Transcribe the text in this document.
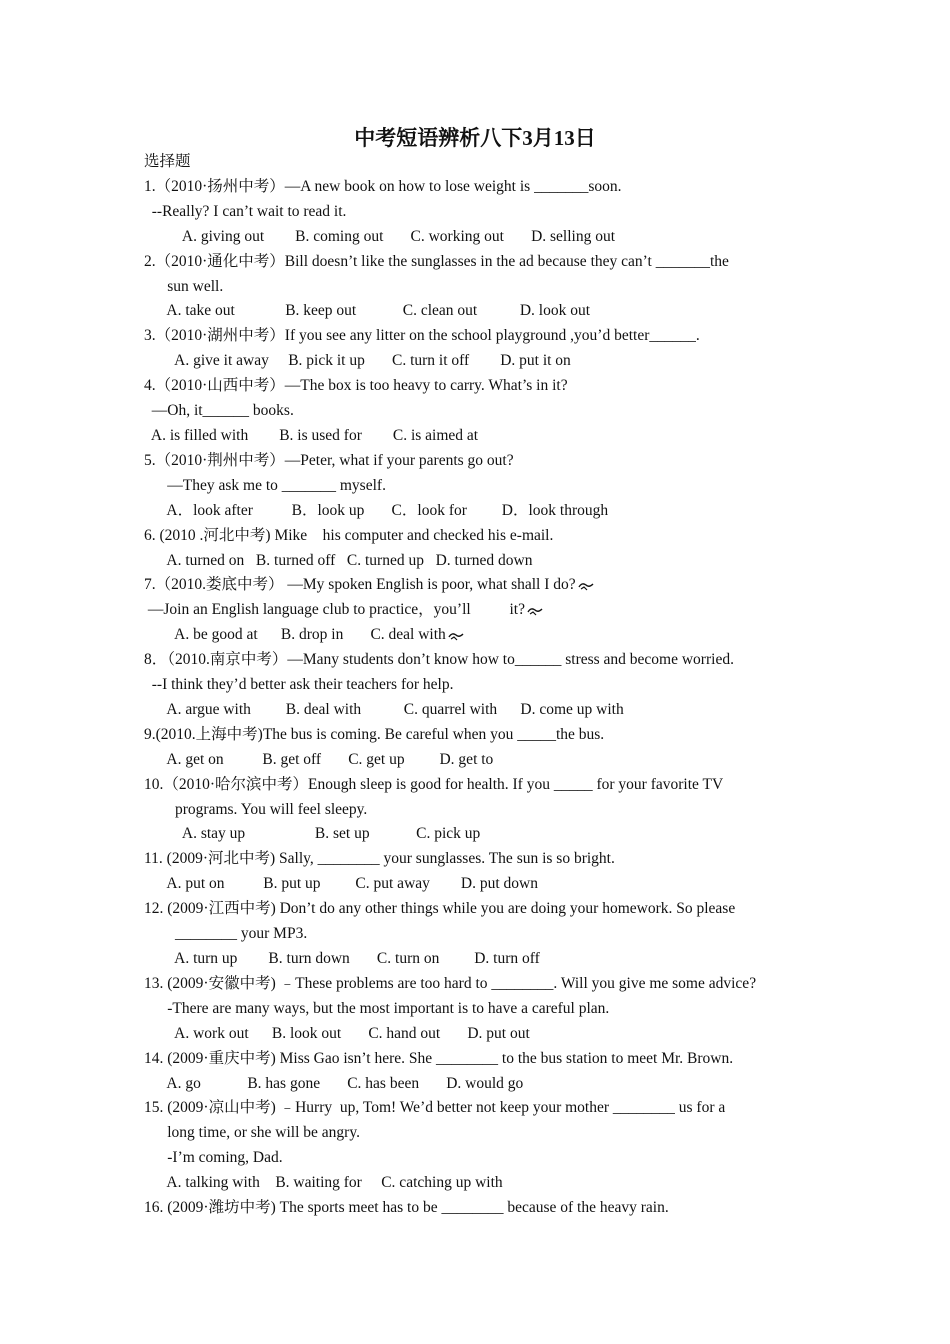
中考短语辨析八下3月13日
选择题
1.（2010·扬州中考）—A new book on how to lose weight is _______soon.
--Really? I can’t wait to read it.
A. giving out        B. coming out       C. working out       D. selling out
2.（2010·通化中考）Bill doesn’t like the sunglasses in the ad because they can’t _______the
sun well.
A. take out             B. keep out            C. clean out           D. look out
3.（2010·湖州中考）If you see any litter on the school playground ,you’d better______.
A. give it away     B. pick it up       C. turn it off        D. put it on
4.（2010·山西中考）—The box is too heavy to carry. What’s in it?
—Oh, it______ books.
A. is filled with        B. is used for        C. is aimed at
5.（2010·荆州中考）—Peter, what if your parents go out?
—They ask me to _______ myself.
A．look after          B．look up       C．look for         D．look through
6. (2010 .河北中考) Mike    his computer and checked his e-mail.
A. turned on   B. turned off   C. turned up   D. turned down
7.（2010.娄底中考） —My spoken English is poor, what shall I do?
—Join an English language club to practice，you’ll          it?
A. be good at      B. drop in       C. deal with
8．（2010.南京中考）—Many students don’t know how to______ stress and become worried.
--I think they’d better ask their teachers for help.
A. argue with         B. deal with           C. quarrel with      D. come up with
9.(2010.上海中考)The bus is coming. Be careful when you _____the bus.
A. get on          B. get off       C. get up         D. get to
10.（2010·哈尔滨中考）Enough sleep is good for health. If you _____ for your favorite TV
programs. You will feel sleepy.
A. stay up                  B. set up            C. pick up
11. (2009·河北中考) Sally, ________ your sunglasses. The sun is so bright.
A. put on          B. put up         C. put away        D. put down
12. (2009·江西中考) Don’t do any other things while you are doing your homework. So please
________ your MP3.
A. turn up        B. turn down       C. turn on         D. turn off
13. (2009·安徽中考) ﹣These problems are too hard to ________. Will you give me some advice?
-There are many ways, but the most important is to have a careful plan.
A. work out      B. look out       C. hand out       D. put out
14. (2009·重庆中考) Miss Gao isn’t here. She ________ to the bus station to meet Mr. Brown.
A. go            B. has gone       C. has been       D. would go
15. (2009·凉山中考) ﹣Hurry  up, Tom! We’d better not keep your mother ________ us for a
long time, or she will be angry.
-I’m coming, Dad.
A. talking with    B. waiting for     C. catching up with
16. (2009·潍坊中考) The sports meet has to be ________ because of the heavy rain.
